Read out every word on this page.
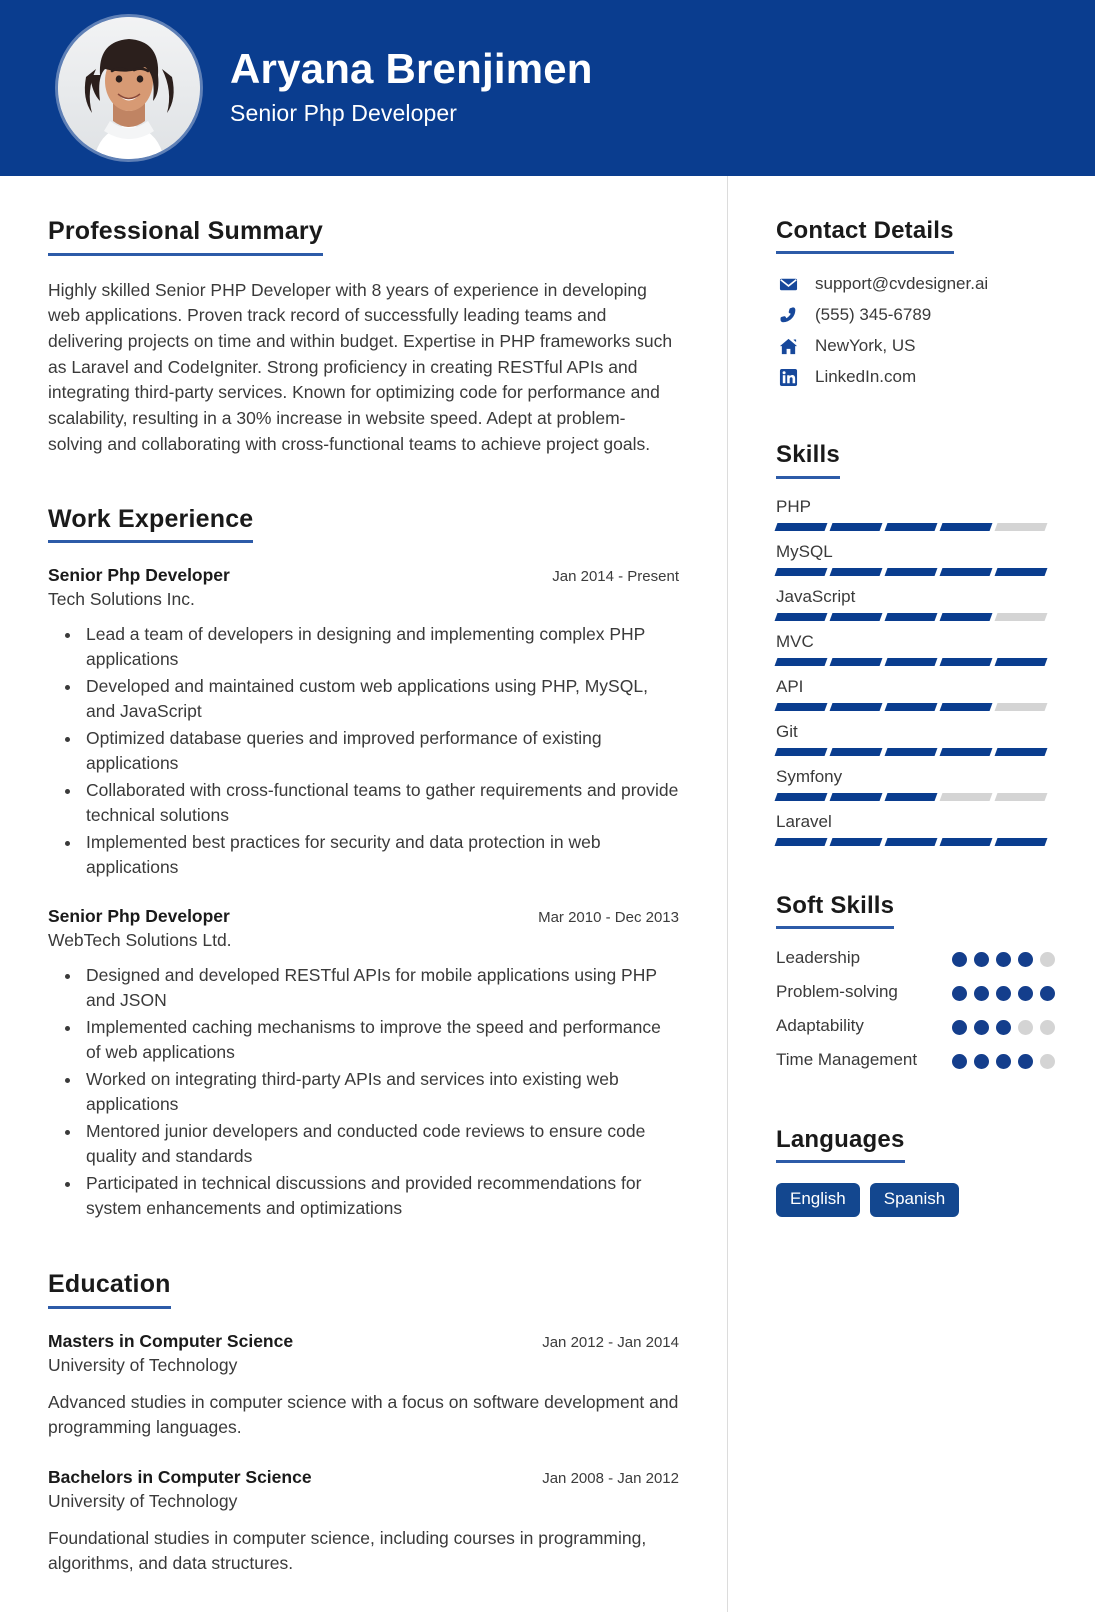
Aryana Brenjimen
Senior Php Developer
Professional Summary

Highly skilled Senior PHP Developer with 8 years of experience in developing web applications. Proven track record of successfully leading teams and delivering projects on time and within budget. Expertise in PHP frameworks such as Laravel and CodeIgniter. Strong proficiency in creating RESTful APIs and integrating third-party services. Known for optimizing code for performance and scalability, resulting in a 30% increase in website speed. Adept at problem-solving and collaborating with cross-functional teams to achieve project goals.

Work Experience
Senior Php Developer	Jan 2014 - Present
Tech Solutions Inc.
• Lead a team of developers in designing and implementing complex PHP applications
• Developed and maintained custom web applications using PHP, MySQL, and JavaScript
• Optimized database queries and improved performance of existing applications
• Collaborated with cross-functional teams to gather requirements and provide technical solutions
• Implemented best practices for security and data protection in web applications
Senior Php Developer	Mar 2010 - Dec 2013
WebTech Solutions Ltd.
• Designed and developed RESTful APIs for mobile applications using PHP and JSON
• Implemented caching mechanisms to improve the speed and performance of web applications
• Worked on integrating third-party APIs and services into existing web applications
• Mentored junior developers and conducted code reviews to ensure code quality and standards
• Participated in technical discussions and provided recommendations for system enhancements and optimizations
Education
Masters in Computer Science	Jan 2012 - Jan 2014
University of Technology

Advanced studies in computer science with a focus on software development and programming languages.

Bachelors in Computer Science	Jan 2008 - Jan 2012
University of Technology

Foundational studies in computer science, including courses in programming, algorithms, and data structures.

Contact Details
support@cvdesigner.ai
(555) 345-6789
NewYork, US
LinkedIn.com
Skills
PHP
MySQL
JavaScript
MVC
API
Git
Symfony
Laravel
Soft Skills
Leadership
Problem-solving
Adaptability
Time Management
Languages
English	Spanish
